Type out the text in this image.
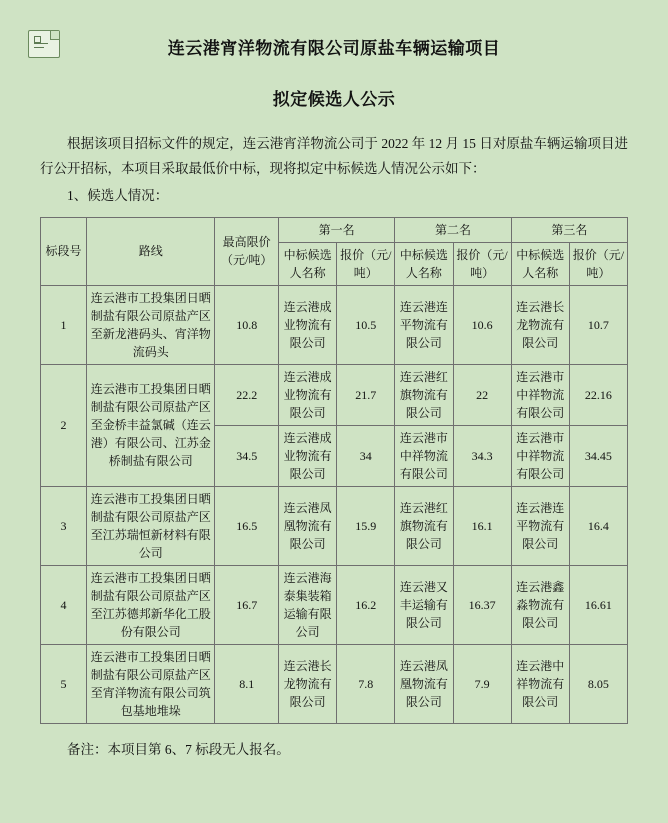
连云港宵洋物流有限公司原盐车辆运输项目
拟定候选人公示

根据该项目招标文件的规定，连云港宵洋物流公司于 2022 年 12 月 15 日对原盐车辆运输项目进行公开招标，本项目采取最低价中标，现将拟定中标候选人情况公示如下：

1、候选人情况：

标段号	路线	最高限价（元/吨）	第一名		第二名		第三名	
			中标候选人名称	报价（元/吨）	中标候选人名称	报价（元/吨）	中标候选人名称	报价（元/吨）
1	连云港市工投集团日晒制盐有限公司原盐产区至新龙港码头、宵洋物流码头	10.8	连云港成业物流有限公司	10.5	连云港连平物流有限公司	10.6	连云港长龙物流有限公司	10.7
2	连云港市工投集团日晒制盐有限公司原盐产区至金桥丰益氯碱（连云港）有限公司、江苏金桥制盐有限公司	22.2	连云港成业物流有限公司	21.7	连云港红旗物流有限公司	22	连云港市中祥物流有限公司	22.16
		34.5	连云港成业物流有限公司	34	连云港市中祥物流有限公司	34.3	连云港市中祥物流有限公司	34.45
3	连云港市工投集团日晒制盐有限公司原盐产区至江苏瑞恒新材料有限公司	16.5	连云港凤凰物流有限公司	15.9	连云港红旗物流有限公司	16.1	连云港连平物流有限公司	16.4
4	连云港市工投集团日晒制盐有限公司原盐产区至江苏德邦新华化工股份有限公司	16.7	连云港海泰集装箱运输有限公司	16.2	连云港又丰运输有限公司	16.37	连云港鑫淼物流有限公司	16.61
5	连云港市工投集团日晒制盐有限公司原盐产区至宵洋物流有限公司筑包基地堆垛	8.1	连云港长龙物流有限公司	7.8	连云港凤凰物流有限公司	7.9	连云港中祥物流有限公司	8.05
备注：本项目第 6、7 标段无人报名。
